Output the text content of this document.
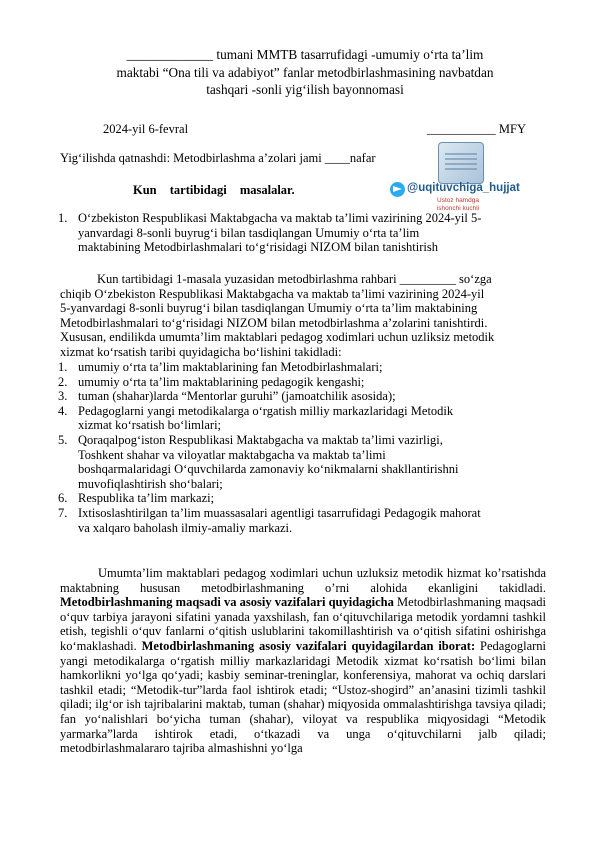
_____________ tumani MMTB tasarrufidagi -umumiy o‘rta ta’lim
maktabi “Ona tili va adabiyot” fanlar metodbirlashmasining navbatdan
tashqari -sonli yig‘ilish bayonnomasi
2024-yil 6-fevral	___________ MFY
Yig‘ilishda qatnashdi: Metodbirlashma a’zolari jami ____nafar
@uqituvchiga_hujjat
Ustoz hamdga ishonchi kuchli
Kun tartibidagi masalalar.
1. O‘zbekiston Respublikasi Maktabgacha va maktab ta’limi vazirining 2024-yil 5-
yanvardagi 8-sonli buyrug‘i bilan tasdiqlangan Umumiy o‘rta ta’lim
maktabining Metodbirlashmalari to‘g‘risidagi NIZOM bilan tanishtirish
Kun tartibidagi 1-masala yuzasidan metodbirlashma rahbari _________ so‘zga
chiqib O‘zbekiston Respublikasi Maktabgacha va maktab ta’limi vazirining 2024-yil
5-yanvardagi 8-sonli buyrug‘i bilan tasdiqlangan Umumiy o‘rta ta’lim maktabining
Metodbirlashmalari to‘g‘risidagi NIZOM bilan metodbirlashma a’zolarini tanishtirdi.
Xususan, endilikda umumta’lim maktablari pedagog xodimlari uchun uzliksiz metodik
xizmat ko‘rsatish taribi quyidagicha bo‘lishini takidladi:
1. umumiy o‘rta ta’lim maktablarining fan Metodbirlashmalari;
2. umumiy o‘rta ta’lim maktablarining pedagogik kengashi;
3. tuman (shahar)larda “Mentorlar guruhi” (jamoatchilik asosida);
4. Pedagoglarni yangi metodikalarga o‘rgatish milliy markazlaridagi Metodik
xizmat ko‘rsatish bo‘limlari;
5. Qoraqalpog‘iston Respublikasi Maktabgacha va maktab ta’limi vazirligi,
Toshkent shahar va viloyatlar maktabgacha va maktab ta’limi
boshqarmalaridagi O‘quvchilarda zamonaviy ko‘nikmalarni shakllantirishni
muvofiqlashtirish sho‘balari;
6. Respublika ta’lim markazi;
7. Ixtisoslashtirilgan ta’lim muassasalari agentligi tasarrufidagi Pedagogik mahorat
va xalqaro baholash ilmiy-amaliy markazi.
Umumta’lim maktablari pedagog xodimlari uchun uzluksiz metodik hizmat ko’rsatishda maktabning hususan metodbirlashmaning o’rni alohida ekanligini takidladi. Metodbirlashmaning maqsadi va asosiy vazifalari quyidagicha Metodbirlashmaning maqsadi o‘quv tarbiya jarayoni sifatini yanada yaxshilash, fan o‘qituvchilariga metodik yordamni tashkil etish, tegishli o‘quv fanlarni o‘qitish uslublarini takomillashtirish va o‘qitish sifatini oshirishga ko‘maklashadi. Metodbirlashmaning asosiy vazifalari quyidagilardan iborat: Pedagoglarni yangi metodikalarga o‘rgatish milliy markazlaridagi Metodik xizmat ko‘rsatish bo‘limi bilan hamkorlikni yo‘lga qo‘yadi; kasbiy seminar-treninglar, konferensiya, mahorat va ochiq darslari tashkil etadi; “Metodik-tur”larda faol ishtirok etadi; “Ustoz-shogird” an’anasini tizimli tashkil qiladi; ilg‘or ish tajribalarini maktab, tuman (shahar) miqyosida ommalashtirishga tavsiya qiladi; fan yo‘nalishlari bo‘yicha tuman (shahar), viloyat va respublika miqyosidagi “Metodik yarmarka”larda ishtirok etadi, o‘tkazadi va unga o‘qituvchilarni jalb qiladi; metodbirlashmalararo tajriba almashishni yo‘lga
